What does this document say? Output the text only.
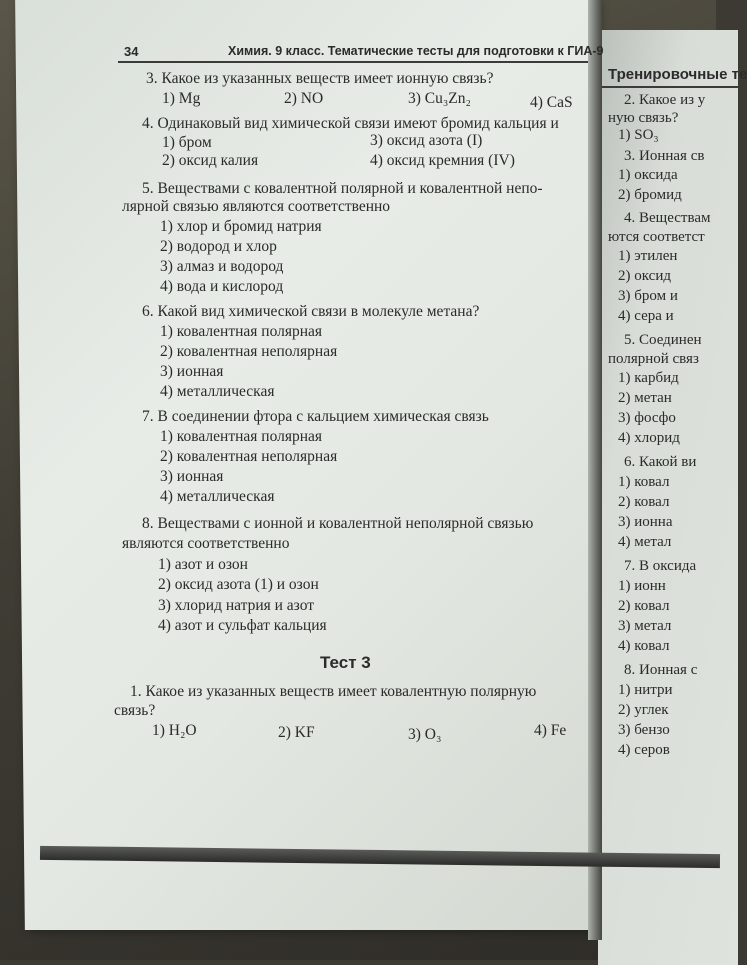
Тренировочные те
2. Какое из у
ную связь?
1) SO₃
3. Ионная св
1) оксида
2) бромид
4. Веществам
ются соответст
1) этилен
2) оксид
3) бром и
4) сера и
5. Соединен
полярной связ
1) карбид
2) метан
3) фосфо
4) хлорид
6. Какой ви
1) ковал
2) ковал
3) ионна
4) метал
7. В оксида
1) ионн
2) ковал
3) метал
4) ковал
8. Ионная с
1) нитри
2) углек
3) бензо
4) серов
34	Химия. 9 класс. Тематические тесты для подготовки к ГИА-9
3. Какое из указанных веществ имеет ионную связь?
1) Mg	2) NO	3) Cu₃Zn₂	4) CaS
4. Одинаковый вид химической связи имеют бромид кальция и
1) бром	3) оксид азота (I)
2) оксид калия	4) оксид кремния (IV)
5. Веществами с ковалентной полярной и ковалентной непо-
лярной связью являются соответственно
1) хлор и бромид натрия
2) водород и хлор
3) алмаз и водород
4) вода и кислород
6. Какой вид химической связи в молекуле метана?
1) ковалентная полярная
2) ковалентная неполярная
3) ионная
4) металлическая
7. В соединении фтора с кальцием химическая связь
1) ковалентная полярная
2) ковалентная неполярная
3) ионная
4) металлическая
8. Веществами с ионной и ковалентной неполярной связью
являются соответственно
1) азот и озон
2) оксид азота (1) и озон
3) хлорид натрия и азот
4) азот и сульфат кальция
Тест 3
1. Какое из указанных веществ имеет ковалентную полярную
связь?
1) H₂O	2) KF	3) O₃	4) Fe
